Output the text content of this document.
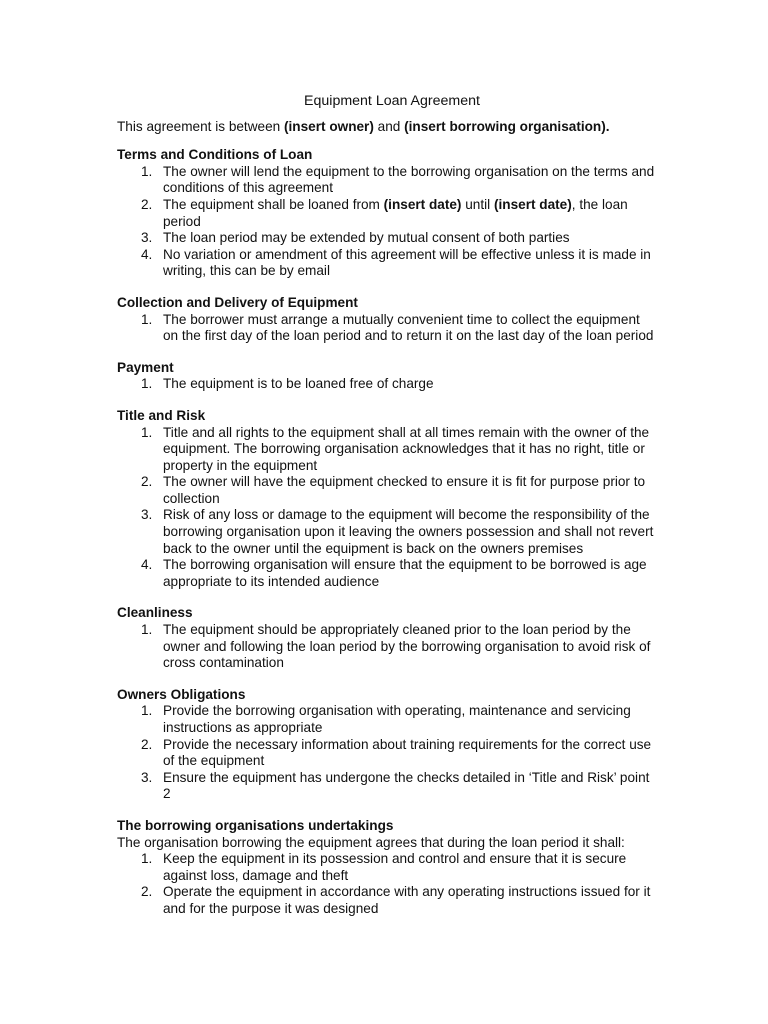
Equipment Loan Agreement
This agreement is between (insert owner) and (insert borrowing organisation).
Terms and Conditions of Loan
1. The owner will lend the equipment to the borrowing organisation on the terms and conditions of this agreement
2. The equipment shall be loaned from (insert date) until (insert date), the loan period
3. The loan period may be extended by mutual consent of both parties
4. No variation or amendment of this agreement will be effective unless it is made in writing, this can be by email
Collection and Delivery of Equipment
1. The borrower must arrange a mutually convenient time to collect the equipment on the first day of the loan period and to return it on the last day of the loan period
Payment
1. The equipment is to be loaned free of charge
Title and Risk
1. Title and all rights to the equipment shall at all times remain with the owner of the equipment. The borrowing organisation acknowledges that it has no right, title or property in the equipment
2. The owner will have the equipment checked to ensure it is fit for purpose prior to collection
3. Risk of any loss or damage to the equipment will become the responsibility of the borrowing organisation upon it leaving the owners possession and shall not revert back to the owner until the equipment is back on the owners premises
4. The borrowing organisation will ensure that the equipment to be borrowed is age appropriate to its intended audience
Cleanliness
1. The equipment should be appropriately cleaned prior to the loan period by the owner and following the loan period by the borrowing organisation to avoid risk of cross contamination
Owners Obligations
1. Provide the borrowing organisation with operating, maintenance and servicing instructions as appropriate
2. Provide the necessary information about training requirements for the correct use of the equipment
3. Ensure the equipment has undergone the checks detailed in ‘Title and Risk’ point 2
The borrowing organisations undertakings
The organisation borrowing the equipment agrees that during the loan period it shall:
1. Keep the equipment in its possession and control and ensure that it is secure against loss, damage and theft
2. Operate the equipment in accordance with any operating instructions issued for it and for the purpose it was designed
